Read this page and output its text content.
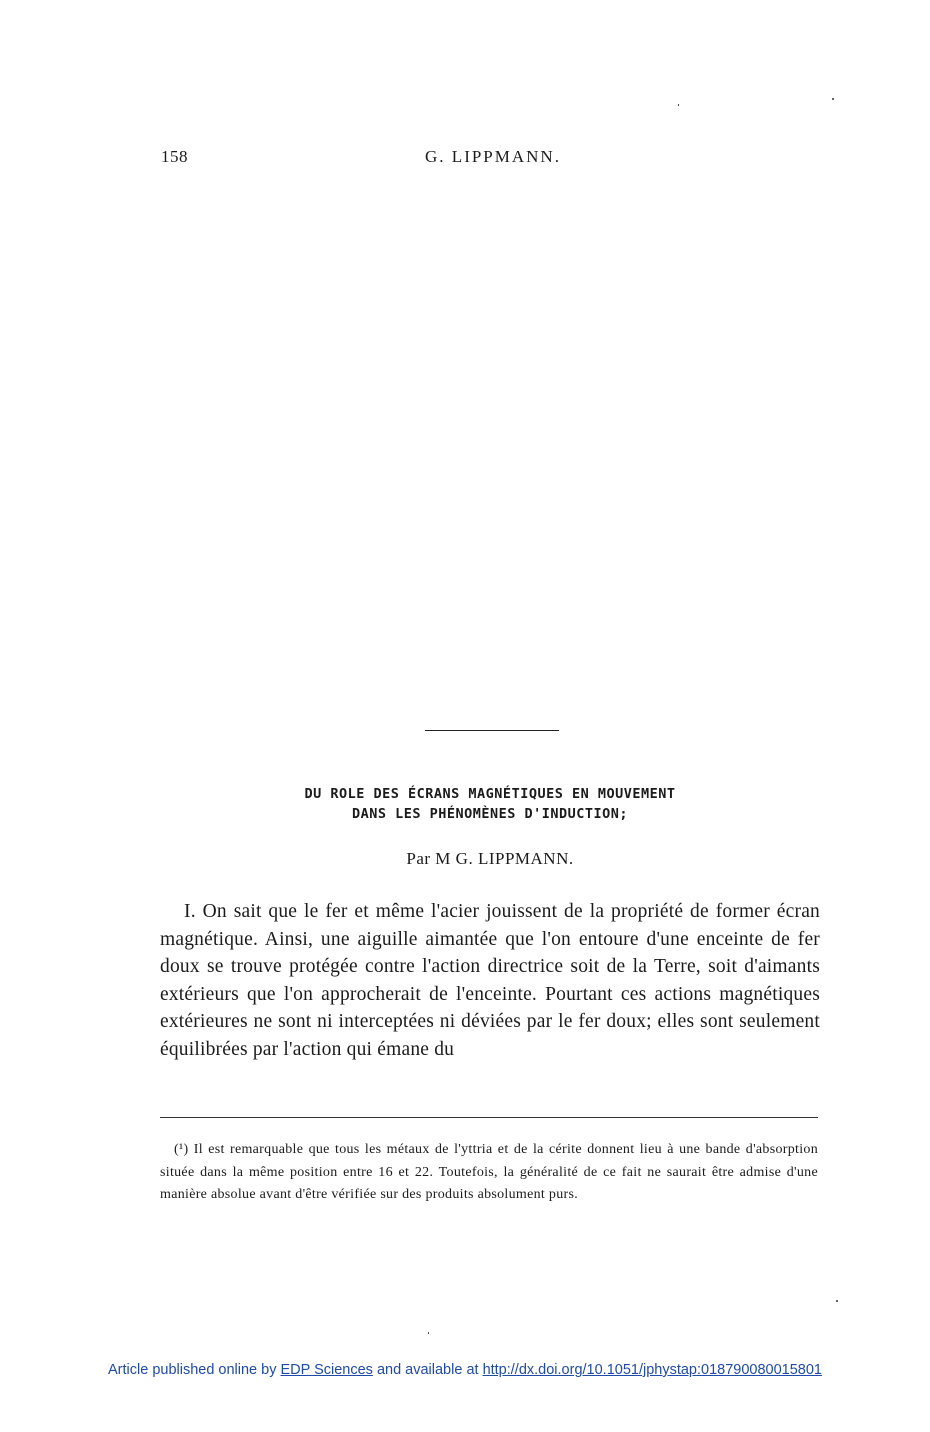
158	G. LIPPMANN.
DU ROLE DES ÉCRANS MAGNÉTIQUES EN MOUVEMENT
DANS LES PHÉNOMÈNES D'INDUCTION;
Par M G. LIPPMANN.

I. On sait que le fer et même l'acier jouissent de la propriété de former écran magnétique. Ainsi, une aiguille aimantée que l'on entoure d'une enceinte de fer doux se trouve protégée contre l'action directrice soit de la Terre, soit d'aimants extérieurs que l'on approcherait de l'enceinte. Pourtant ces actions magnétiques extérieures ne sont ni interceptées ni déviées par le fer doux; elles sont seulement équilibrées par l'action qui émane du

(¹) Il est remarquable que tous les métaux de l'yttria et de la cérite donnent lieu à une bande d'absorption située dans la même position entre 16 et 22. Toutefois, la généralité de ce fait ne saurait être admise d'une manière absolue avant d'être vérifiée sur des produits absolument purs.

Article published online by EDP Sciences and available at http://dx.doi.org/10.1051/jphystap:018790080015801
